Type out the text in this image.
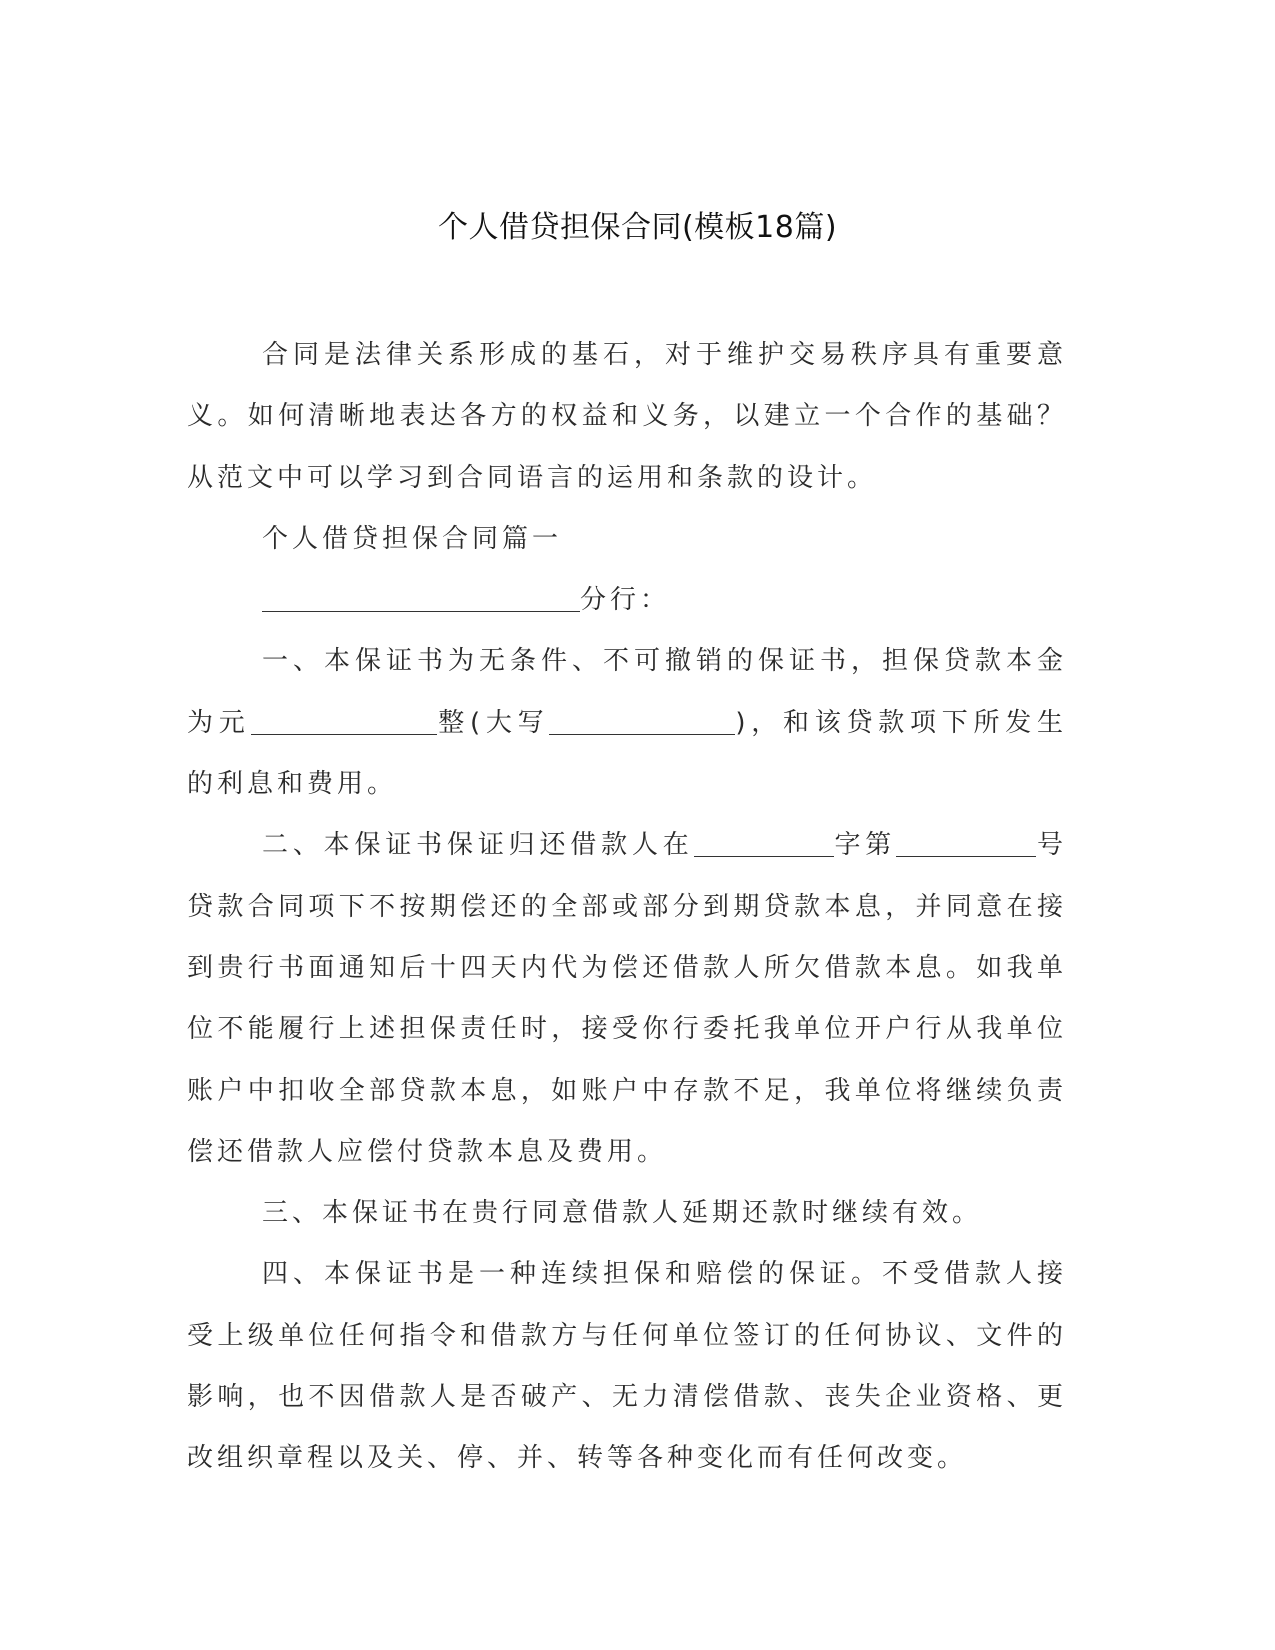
个人借贷担保合同(模板18篇)

合同是法律关系形成的基石，对于维护交易秩序具有重要意义。如何清晰地表达各方的权益和义务，以建立一个合作的基础？从范文中可以学习到合同语言的运用和条款的设计。

个人借贷担保合同篇一

分行：

一、本保证书为无条件、不可撤销的保证书，担保贷款本金为元	整(大写	)，和该贷款项下所发生的利息和费用。

二、本保证书保证归还借款人在	字第	号贷款合同项下不按期偿还的全部或部分到期贷款本息，并同意在接到贵行书面通知后十四天内代为偿还借款人所欠借款本息。如我单位不能履行上述担保责任时，接受你行委托我单位开户行从我单位账户中扣收全部贷款本息，如账户中存款不足，我单位将继续负责偿还借款人应偿付贷款本息及费用。

三、本保证书在贵行同意借款人延期还款时继续有效。

四、本保证书是一种连续担保和赔偿的保证。不受借款人接受上级单位任何指令和借款方与任何单位签订的任何协议、文件的影响，也不因借款人是否破产、无力清偿借款、丧失企业资格、更改组织章程以及关、停、并、转等各种变化而有任何改变。
